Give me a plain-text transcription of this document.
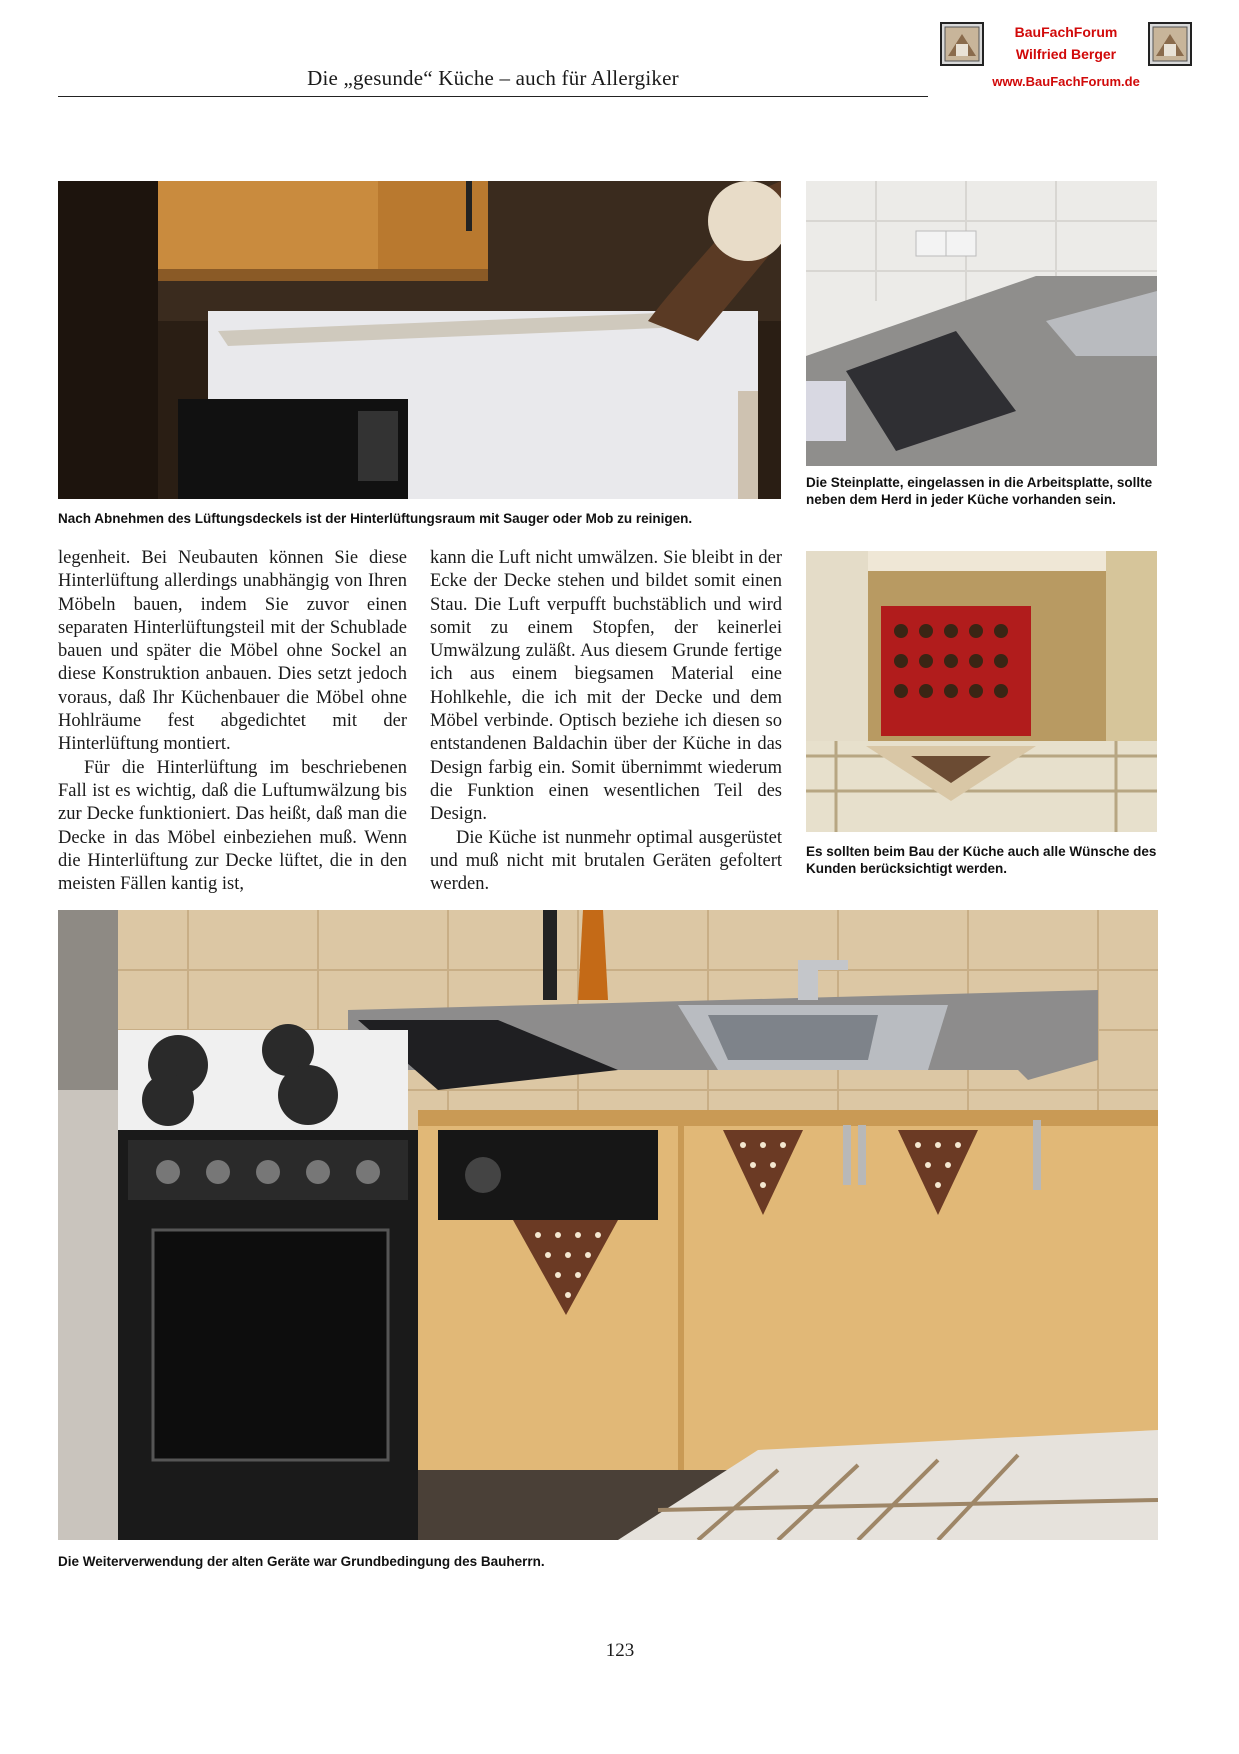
Die „gesunde“ Küche – auch für Allergiker
BauFachForum
Wilfried Berger
www.BauFachForum.de
Nach Abnehmen des Lüftungsdeckels ist der Hinterlüftungsraum mit Sauger oder Mob zu reinigen.
Die Steinplatte, eingelassen in die Arbeitsplatte, sollte neben dem Herd in jeder Küche vorhanden sein.
Es sollten beim Bau der Küche auch alle Wünsche des Kunden berücksichtigt werden.

legenheit. Bei Neubauten können Sie diese Hinterlüftung allerdings unabhängig von Ihren Möbeln bauen, indem Sie zuvor einen separaten Hinterlüftungsteil mit der Schublade bauen und später die Möbel ohne Sockel an diese Konstruktion anbauen. Dies setzt jedoch voraus, daß Ihr Küchenbauer die Möbel ohne Hohlräume fest abgedichtet mit der Hinterlüftung montiert.

Für die Hinterlüftung im beschriebenen Fall ist es wichtig, daß die Luftumwälzung bis zur Decke funktioniert. Das heißt, daß man die Decke in das Möbel einbeziehen muß. Wenn die Hinterlüftung zur Decke lüftet, die in den meisten Fällen kantig ist,

kann die Luft nicht umwälzen. Sie bleibt in der Ecke der Decke stehen und bildet somit einen Stau. Die Luft verpufft buchstäblich und wird somit zu einem Stopfen, der keinerlei Umwälzung zuläßt. Aus diesem Grunde fertige ich aus einem biegsamen Material eine Hohlkehle, die ich mit der Decke und dem Möbel verbinde. Optisch beziehe ich diesen so entstandenen Baldachin über der Küche in das Design farbig ein. Somit übernimmt wiederum die Funktion einen wesentlichen Teil des Design.

Die Küche ist nunmehr optimal ausgerüstet und muß nicht mit brutalen Geräten gefoltert werden.

Die Weiterverwendung der alten Geräte war Grundbedingung des Bauherrn.
123
